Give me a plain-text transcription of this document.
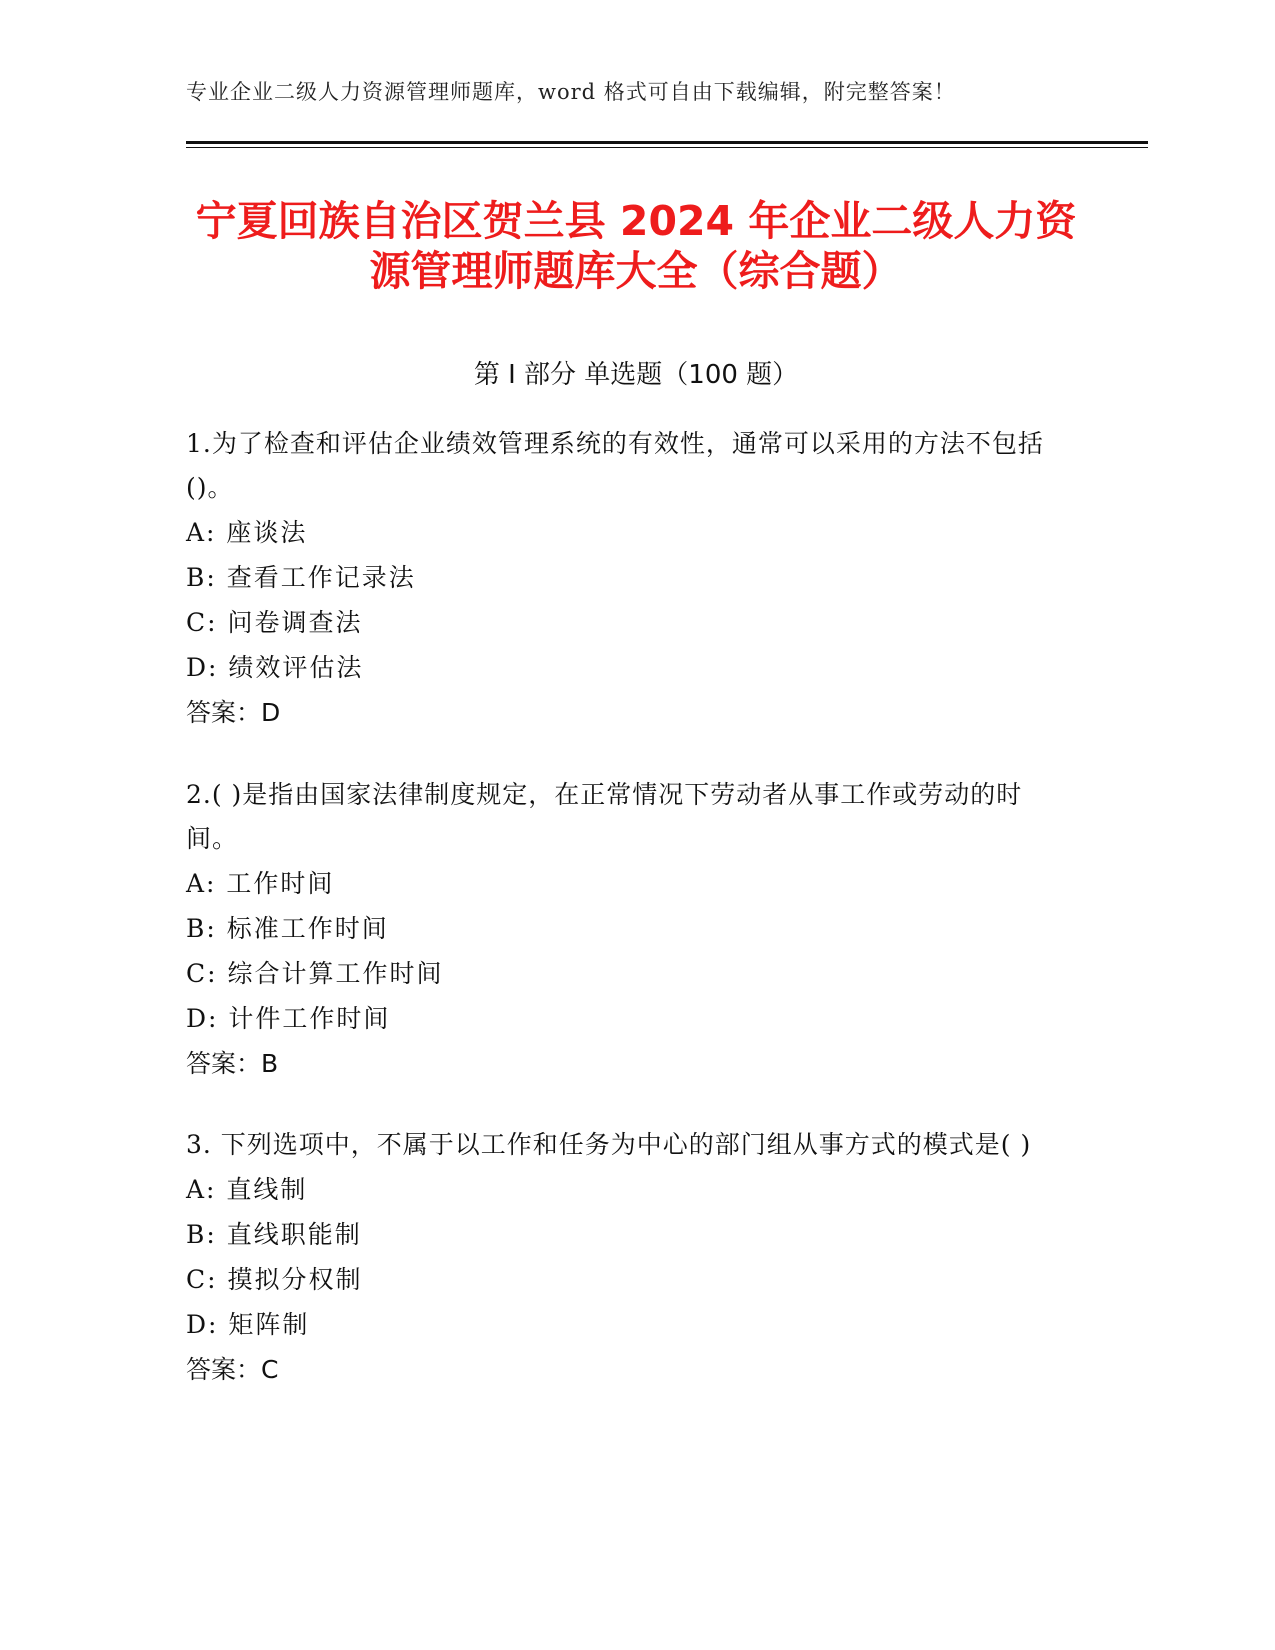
专业企业二级人力资源管理师题库，word 格式可自由下载编辑，附完整答案！
宁夏回族自治区贺兰县 2024 年企业二级人力资源管理师题库大全（综合题）
第 I 部分 单选题（100 题）

1.为了检查和评估企业绩效管理系统的有效性，通常可以采用的方法不包括()。

A: 座谈法

B: 查看工作记录法

C: 问卷调查法

D: 绩效评估法

答案：D

2.( )是指由国家法律制度规定，在正常情况下劳动者从事工作或劳动的时间。

A: 工作时间

B: 标准工作时间

C: 综合计算工作时间

D: 计件工作时间

答案：B

3. 下列选项中，不属于以工作和任务为中心的部门组从事方式的模式是( )

A: 直线制

B: 直线职能制

C: 摸拟分权制

D: 矩阵制

答案：C
